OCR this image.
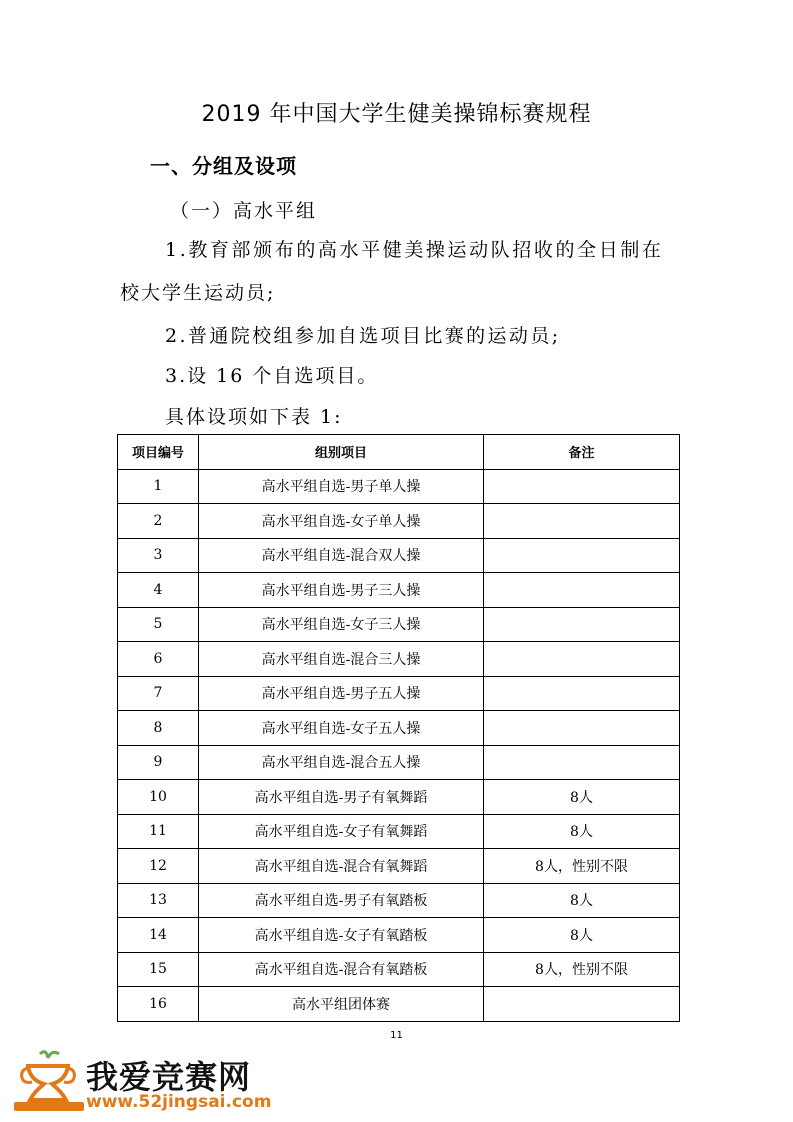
2019 年中国大学生健美操锦标赛规程
一、分组及设项
（一）高水平组
1.教育部颁布的高水平健美操运动队招收的全日制在
校大学生运动员;
2.普通院校组参加自选项目比赛的运动员;
3.设 16 个自选项目。
具体设项如下表 1:
项目编号	组别项目	备注
1	高水平组自选-男子单人操	
2	高水平组自选-女子单人操	
3	高水平组自选-混合双人操	
4	高水平组自选-男子三人操	
5	高水平组自选-女子三人操	
6	高水平组自选-混合三人操	
7	高水平组自选-男子五人操	
8	高水平组自选-女子五人操	
9	高水平组自选-混合五人操	
10	高水平组自选-男子有氧舞蹈	8人
11	高水平组自选-女子有氧舞蹈	8人
12	高水平组自选-混合有氧舞蹈	8人，性别不限
13	高水平组自选-男子有氧踏板	8人
14	高水平组自选-女子有氧踏板	8人
15	高水平组自选-混合有氧踏板	8人，性别不限
16	高水平组团体赛	
11
我爱竞赛网
www.52jingsai.com
